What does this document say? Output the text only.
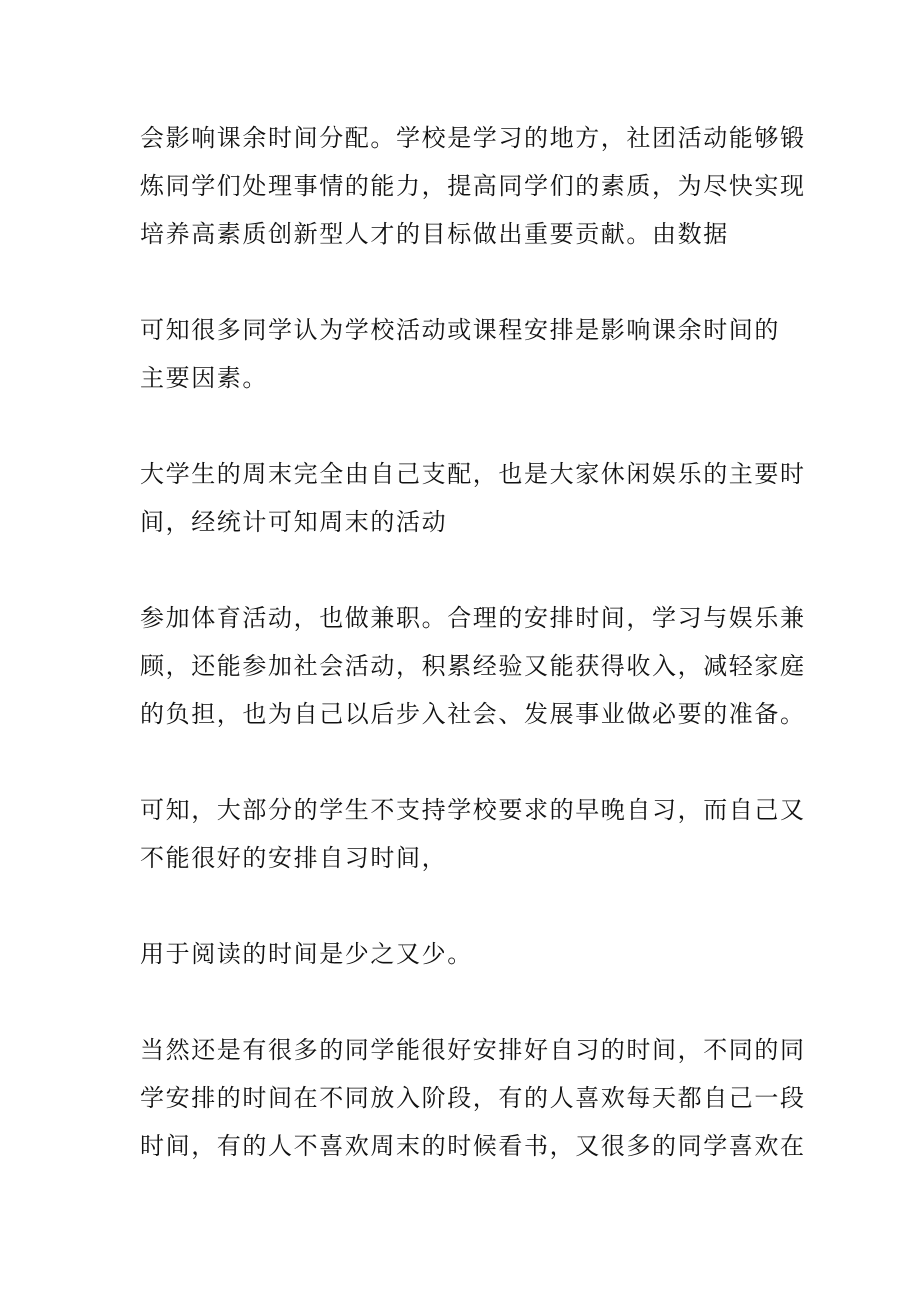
会影响课余时间分配。学校是学习的地方，社团活动能够锻
炼同学们处理事情的能力，提高同学们的素质，为尽快实现
培养高素质创新型人才的目标做出重要贡献。由数据

可知很多同学认为学校活动或课程安排是影响课余时间的
主要因素。

大学生的周末完全由自己支配，也是大家休闲娱乐的主要时
间，经统计可知周末的活动

参加体育活动，也做兼职。合理的安排时间，学习与娱乐兼
顾，还能参加社会活动，积累经验又能获得收入，减轻家庭
的负担，也为自己以后步入社会、发展事业做必要的准备。

可知，大部分的学生不支持学校要求的早晚自习，而自己又
不能很好的安排自习时间，

用于阅读的时间是少之又少。

当然还是有很多的同学能很好安排好自习的时间，不同的同
学安排的时间在不同放入阶段，有的人喜欢每天都自己一段
时间，有的人不喜欢周末的时候看书，又很多的同学喜欢在
